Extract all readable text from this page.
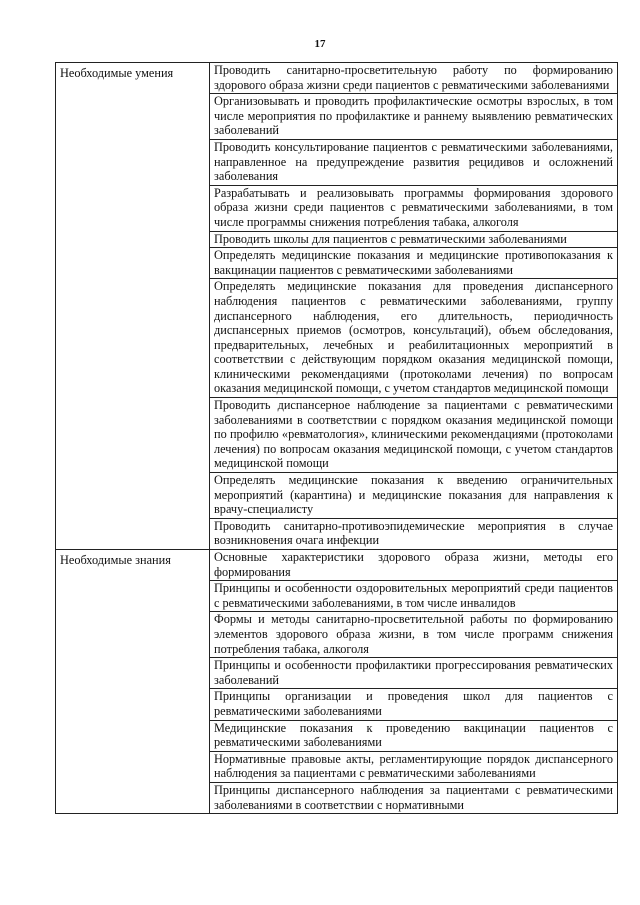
17
Необходимые умения	Проводить санитарно-просветительную работу по формированию здорового образа жизни среди пациентов с ревматическими заболеваниями

	Организовывать и проводить профилактические осмотры взрослых, в том числе мероприятия по профилактике и раннему выявлению ревматических заболеваний

	Проводить консультирование пациентов с ревматическими заболеваниями, направленное на предупреждение развития рецидивов и осложнений заболевания

	Разрабатывать и реализовывать программы формирования здорового образа жизни среди пациентов с ревматическими заболеваниями, в том числе программы снижения потребления табака, алкоголя

	Проводить школы для пациентов с ревматическими заболеваниями

	Определять медицинские показания и медицинские противопоказания к вакцинации пациентов с ревматическими заболеваниями

	Определять медицинские показания для проведения диспансерного наблюдения пациентов с ревматическими заболеваниями, группу диспансерного наблюдения, его длительность, периодичность диспансерных приемов (осмотров, консультаций), объем обследования, предварительных, лечебных и реабилитационных мероприятий в соответствии с действующим порядком оказания медицинской помощи, клиническими рекомендациями (протоколами лечения) по вопросам оказания медицинской помощи, с учетом стандартов медицинской помощи

	Проводить диспансерное наблюдение за пациентами с ревматическими заболеваниями в соответствии с порядком оказания медицинской помощи по профилю «ревматология», клиническими рекомендациями (протоколами лечения) по вопросам оказания медицинской помощи, с учетом стандартов медицинской помощи

	Определять медицинские показания к введению ограничительных мероприятий (карантина) и медицинские показания для направления к врачу-специалисту

	Проводить санитарно-противоэпидемические мероприятия в случае возникновения очага инфекции

Необходимые знания	Основные характеристики здорового образа жизни, методы его формирования

	Принципы и особенности оздоровительных мероприятий среди пациентов с ревматическими заболеваниями, в том числе инвалидов

	Формы и методы санитарно-просветительной работы по формированию элементов здорового образа жизни, в том числе программ снижения потребления табака, алкоголя

	Принципы и особенности профилактики прогрессирования ревматических заболеваний

	Принципы организации и проведения школ для пациентов с ревматическими заболеваниями

	Медицинские показания к проведению вакцинации пациентов с ревматическими заболеваниями

	Нормативные правовые акты, регламентирующие порядок диспансерного наблюдения за пациентами с ревматическими заболеваниями

	Принципы диспансерного наблюдения за пациентами с ревматическими заболеваниями в соответствии с нормативными
